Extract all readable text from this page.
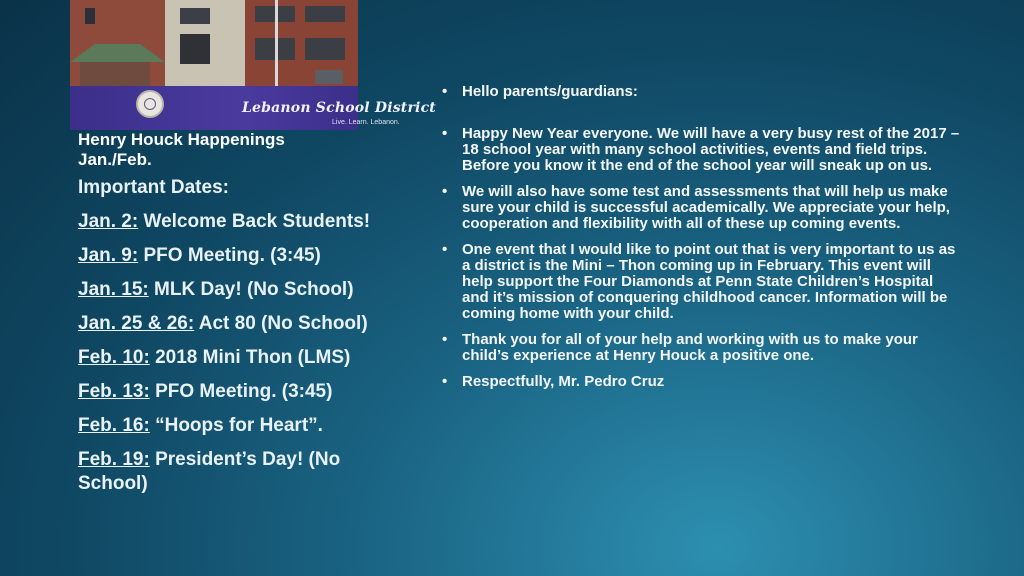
Lebanon School District
Live. Learn. Lebanon.
Henry Houck Happenings
Jan./Feb.
Important Dates:
Jan. 2: Welcome Back Students!
Jan. 9: PFO Meeting. (3:45)
Jan. 15: MLK Day! (No School)
Jan. 25 & 26: Act 80 (No School)
Feb. 10: 2018 Mini Thon (LMS)
Feb. 13: PFO Meeting. (3:45)
Feb. 16: “Hoops for Heart”.
Feb. 19: President’s Day! (No School)
• Hello parents/guardians:
• Happy New Year everyone. We will have a very busy rest of the 2017 – 18 school year with many school activities, events and field trips. Before you know it the end of the school year will sneak up on us.
• We will also have some test and assessments that will help us make sure your child is successful academically. We appreciate your help, cooperation and flexibility with all of these up coming events.
• One event that I would like to point out that is very important to us as a district is the Mini – Thon coming up in February. This event will help support the Four Diamonds at Penn State Children’s Hospital and it’s mission of conquering childhood cancer. Information will be coming home with your child.
• Thank you for all of your help and working with us to make your child’s experience at Henry Houck a positive one.
• Respectfully, Mr. Pedro Cruz
